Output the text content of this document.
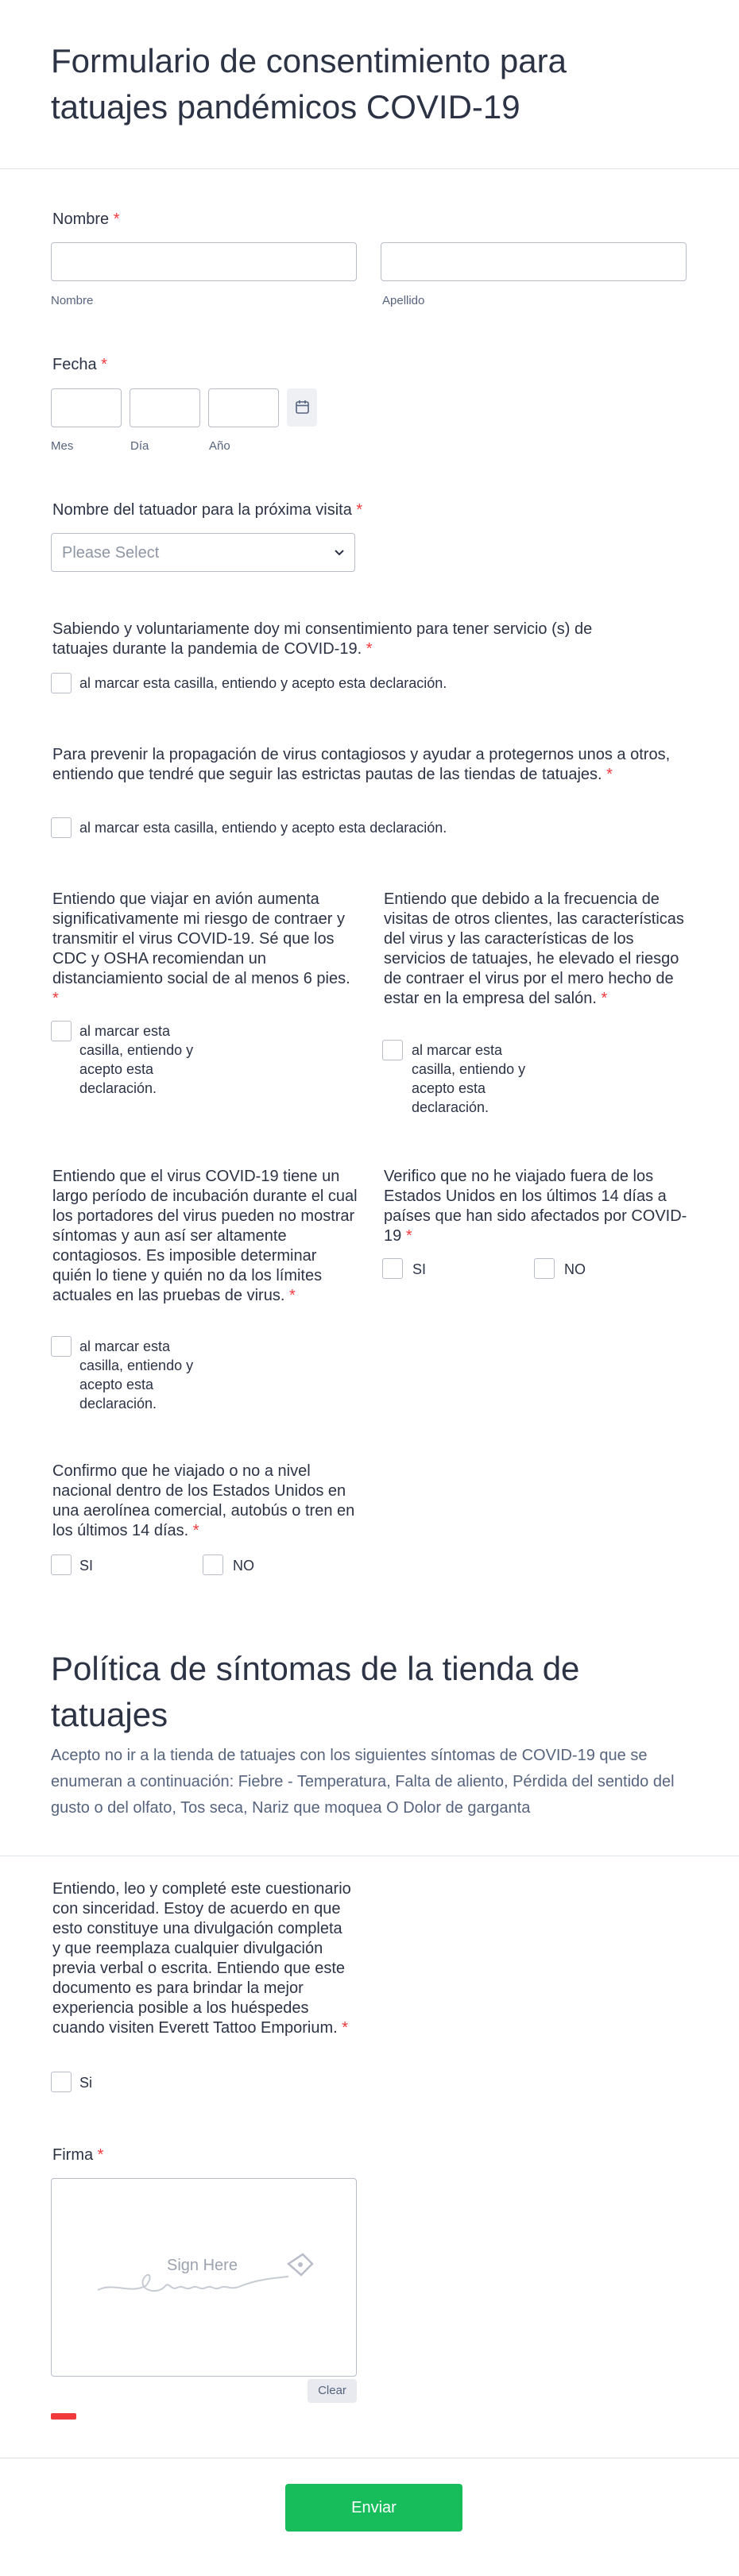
Formulario de consentimiento para tatuajes pandémicos COVID-19
Nombre *
Nombre	Apellido
Fecha *
Mes	Día	Año
Nombre del tatuador para la próxima visita *
Please Select
Sabiendo y voluntariamente doy mi consentimiento para tener servicio (s) de tatuajes durante la pandemia de COVID-19. *
al marcar esta casilla, entiendo y acepto esta declaración.
Para prevenir la propagación de virus contagiosos y ayudar a protegernos unos a otros, entiendo que tendré que seguir las estrictas pautas de las tiendas de tatuajes. *
al marcar esta casilla, entiendo y acepto esta declaración.
Entiendo que viajar en avión aumenta significativamente mi riesgo de contraer y transmitir el virus COVID-19. Sé que los CDC y OSHA recomiendan un distanciamiento social de al menos 6 pies. *
al marcar esta casilla, entiendo y acepto esta declaración.
Entiendo que debido a la frecuencia de visitas de otros clientes, las características del virus y las características de los servicios de tatuajes, he elevado el riesgo de contraer el virus por el mero hecho de estar en la empresa del salón. *
al marcar esta casilla, entiendo y acepto esta declaración.
Entiendo que el virus COVID-19 tiene un largo período de incubación durante el cual los portadores del virus pueden no mostrar síntomas y aun así ser altamente contagiosos. Es imposible determinar quién lo tiene y quién no da los límites actuales en las pruebas de virus. *
al marcar esta casilla, entiendo y acepto esta declaración.
Verifico que no he viajado fuera de los Estados Unidos en los últimos 14 días a países que han sido afectados por COVID-19 *
SI	NO
Confirmo que he viajado o no a nivel nacional dentro de los Estados Unidos en una aerolínea comercial, autobús o tren en los últimos 14 días. *
SI	NO
Política de síntomas de la tienda de tatuajes
Acepto no ir a la tienda de tatuajes con los siguientes síntomas de COVID-19 que se enumeran a continuación: Fiebre - Temperatura, Falta de aliento, Pérdida del sentido del gusto o del olfato, Tos seca, Nariz que moquea O Dolor de garganta
Entiendo, leo y completé este cuestionario con sinceridad. Estoy de acuerdo en que esto constituye una divulgación completa y que reemplaza cualquier divulgación previa verbal o escrita. Entiendo que este documento es para brindar la mejor experiencia posible a los huéspedes cuando visiten Everett Tattoo Emporium. *
Si
Firma *
Sign Here
Clear
Enviar
